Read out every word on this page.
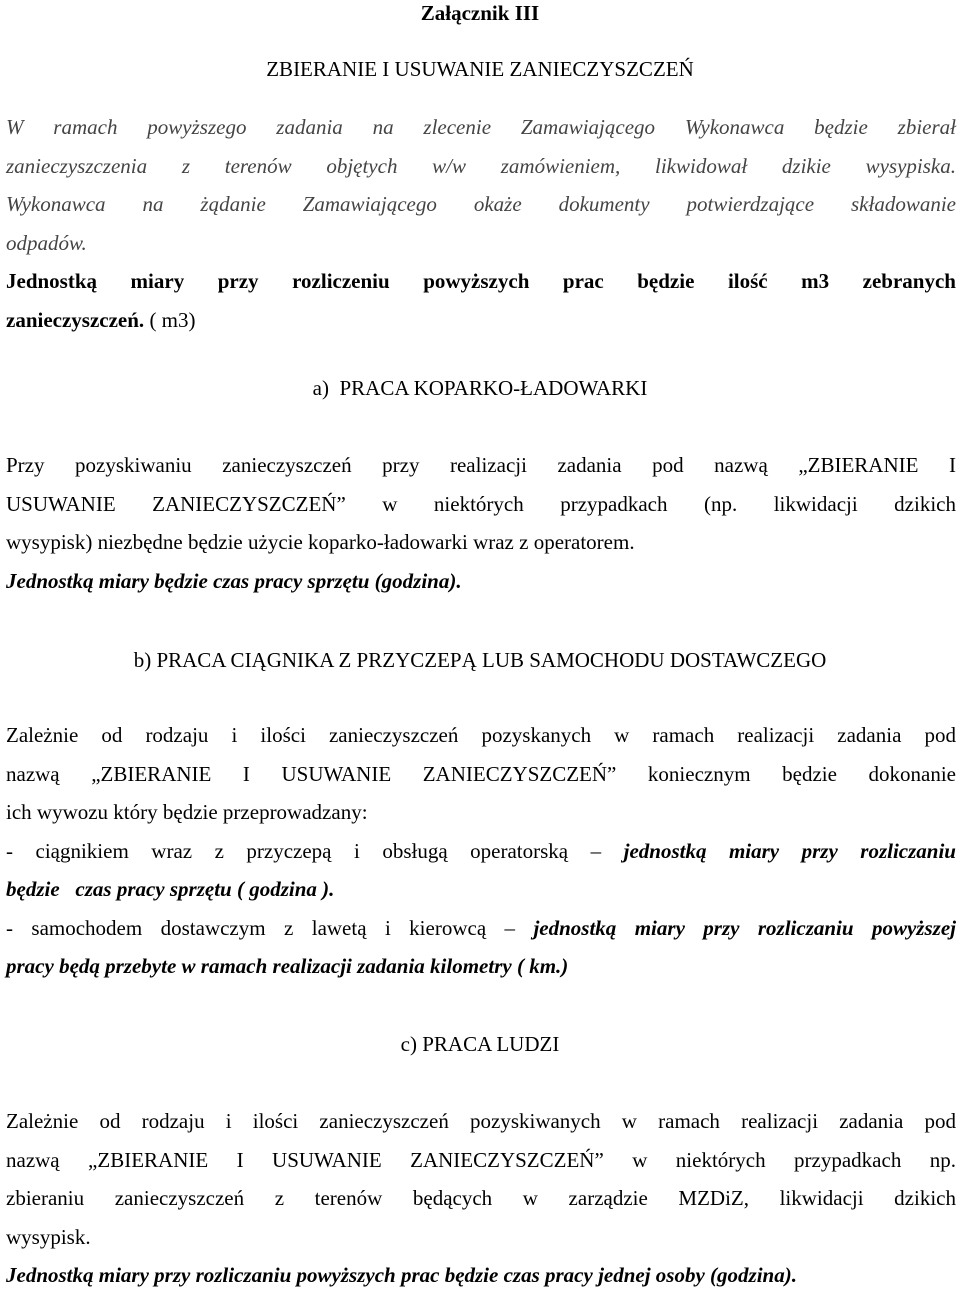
Załącznik III
ZBIERANIE I USUWANIE ZANIECZYSZCZEŃ
W ramach powyższego zadania na zlecenie Zamawiającego Wykonawca będzie zbierał
zanieczyszczenia z terenów objętych w/w zamówieniem, likwidował dzikie wysypiska.
Wykonawca na żądanie Zamawiającego okaże dokumenty potwierdzające składowanie
odpadów.
Jednostką miary przy rozliczeniu powyższych prac będzie ilość m3 zebranych
zanieczyszczeń. ( m3)
a)  PRACA KOPARKO-ŁADOWARKI
Przy pozyskiwaniu zanieczyszczeń przy realizacji zadania pod nazwą „ZBIERANIE I
USUWANIE ZANIECZYSZCZEŃ” w niektórych przypadkach (np. likwidacji dzikich
wysypisk) niezbędne będzie użycie koparko-ładowarki wraz z operatorem.
Jednostką miary będzie czas pracy sprzętu (godzina).
b) PRACA CIĄGNIKA Z PRZYCZEPĄ LUB SAMOCHODU DOSTAWCZEGO
Zależnie od rodzaju i ilości zanieczyszczeń pozyskanych w ramach realizacji zadania pod
nazwą „ZBIERANIE I USUWANIE ZANIECZYSZCZEŃ” koniecznym będzie dokonanie
ich wywozu który będzie przeprowadzany:
- ciągnikiem wraz z przyczepą i obsługą operatorską – jednostką miary przy rozliczaniu
będzie   czas pracy sprzętu ( godzina ).
- samochodem dostawczym z lawetą i kierowcą – jednostką miary przy rozliczaniu powyższej
pracy będą przebyte w ramach realizacji zadania kilometry ( km.)
c) PRACA LUDZI
Zależnie od rodzaju i ilości zanieczyszczeń pozyskiwanych w ramach realizacji zadania pod
nazwą „ZBIERANIE I USUWANIE ZANIECZYSZCZEŃ” w niektórych przypadkach np.
zbieraniu zanieczyszczeń z terenów będących w zarządzie MZDiZ, likwidacji dzikich
wysypisk.
Jednostką miary przy rozliczaniu powyższych prac będzie czas pracy jednej osoby (godzina).
